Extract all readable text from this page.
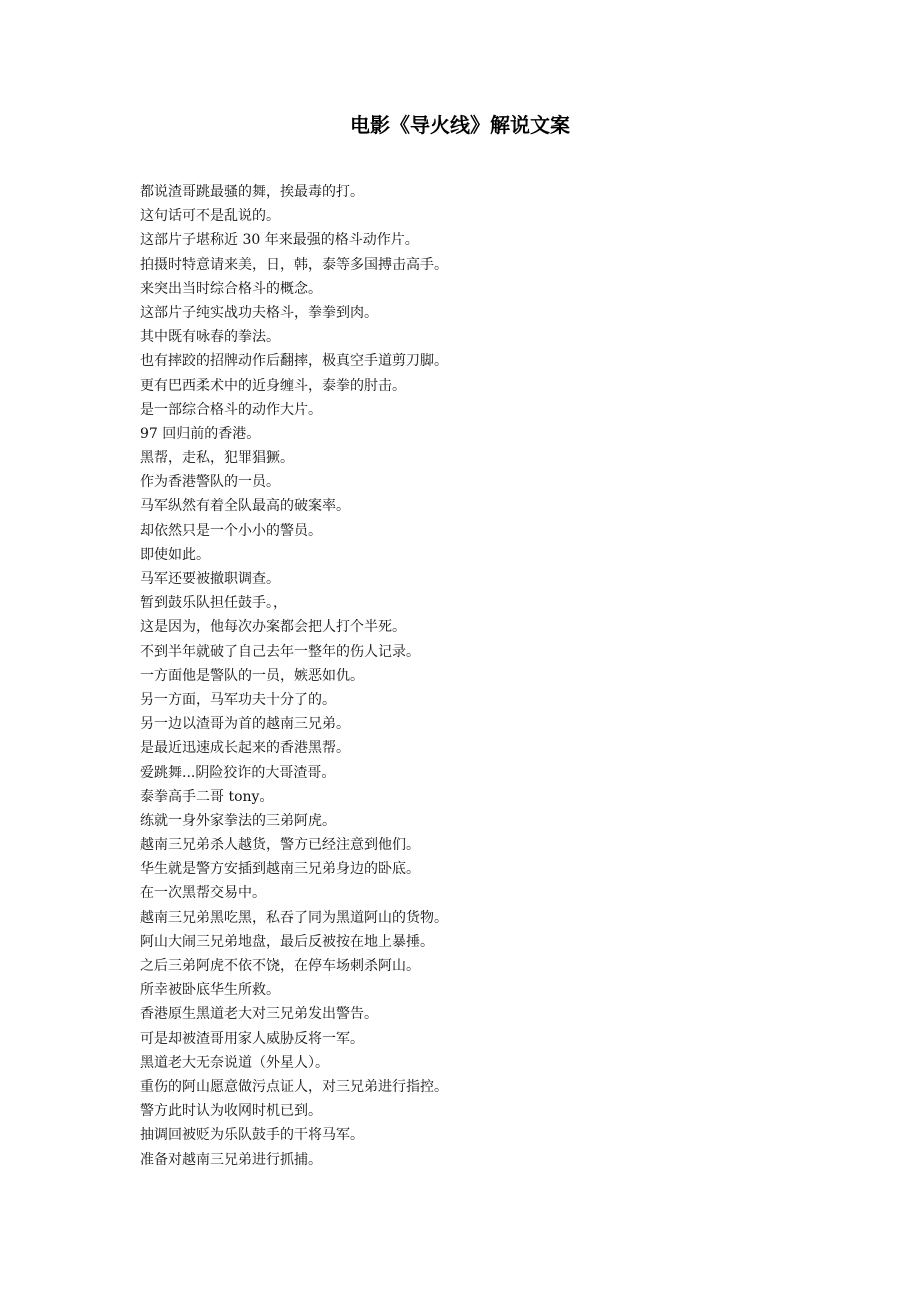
电影《导火线》解说文案
都说渣哥跳最骚的舞，挨最毒的打。
这句话可不是乱说的。
这部片子堪称近 30 年来最强的格斗动作片。
拍摄时特意请来美，日，韩，泰等多国搏击高手。
来突出当时综合格斗的概念。
这部片子纯实战功夫格斗，拳拳到肉。
其中既有咏春的拳法。
也有摔跤的招牌动作后翻摔，极真空手道剪刀脚。
更有巴西柔术中的近身缠斗，泰拳的肘击。
是一部综合格斗的动作大片。
97 回归前的香港。
黑帮，走私，犯罪猖獗。
作为香港警队的一员。
马军纵然有着全队最高的破案率。
却依然只是一个小小的警员。
即使如此。
马军还要被撤职调查。
暂到鼓乐队担任鼓手。，
这是因为，他每次办案都会把人打个半死。
不到半年就破了自己去年一整年的伤人记录。
一方面他是警队的一员，嫉恶如仇。
另一方面，马军功夫十分了的。
另一边以渣哥为首的越南三兄弟。
是最近迅速成长起来的香港黑帮。
爱跳舞...阴险狡诈的大哥渣哥。
泰拳高手二哥 tony。
练就一身外家拳法的三弟阿虎。
越南三兄弟杀人越货，警方已经注意到他们。
华生就是警方安插到越南三兄弟身边的卧底。
在一次黑帮交易中。
越南三兄弟黑吃黑，私吞了同为黑道阿山的货物。
阿山大闹三兄弟地盘，最后反被按在地上暴捶。
之后三弟阿虎不依不饶，在停车场刺杀阿山。
所幸被卧底华生所救。
香港原生黑道老大对三兄弟发出警告。
可是却被渣哥用家人威胁反将一军。
黑道老大无奈说道（外星人）。
重伤的阿山愿意做污点证人，对三兄弟进行指控。
警方此时认为收网时机已到。
抽调回被贬为乐队鼓手的干将马军。
准备对越南三兄弟进行抓捕。
